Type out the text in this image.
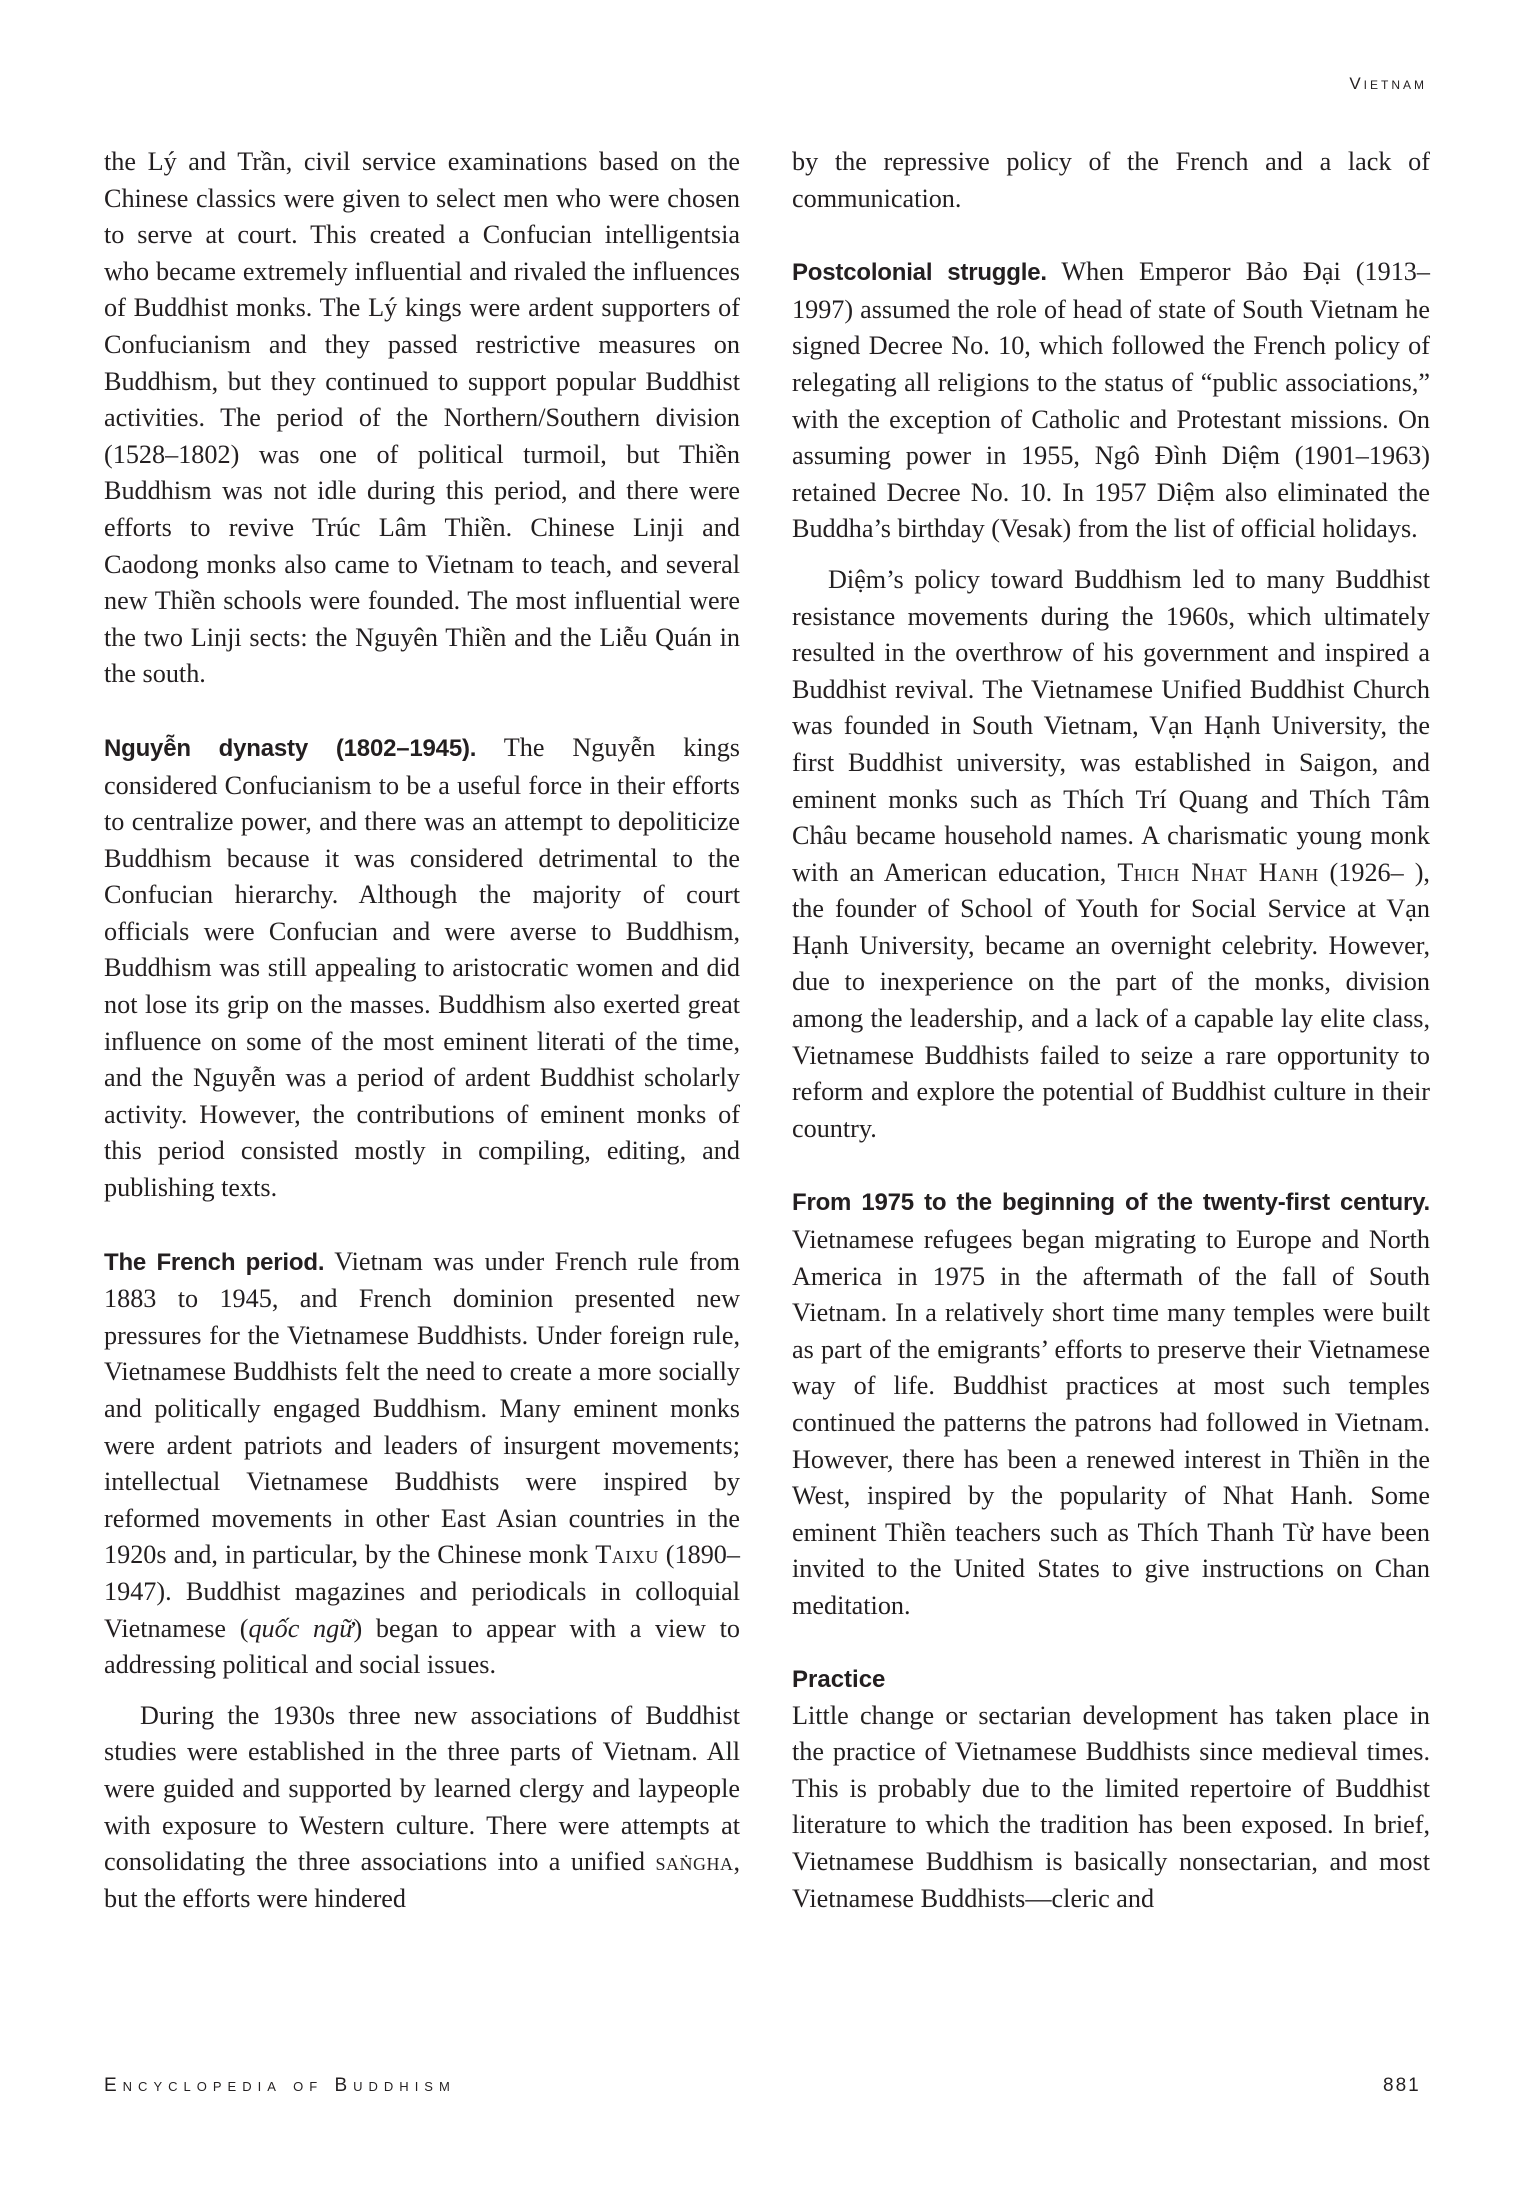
Vietnam

the Lý and Trần, civil service examinations based on the Chinese classics were given to select men who were chosen to serve at court. This created a Confucian intelligentsia who became extremely influential and rivaled the influences of Buddhist monks. The Lý kings were ardent supporters of Confucianism and they passed restrictive measures on Buddhism, but they continued to support popular Buddhist activities. The period of the Northern/Southern division (1528–1802) was one of political turmoil, but Thiền Buddhism was not idle during this period, and there were efforts to revive Trúc Lâm Thiền. Chinese Linji and Caodong monks also came to Vietnam to teach, and several new Thiền schools were founded. The most influential were the two Linji sects: the Nguyên Thiền and the Liễu Quán in the south.

Nguyễn dynasty (1802–1945). The Nguyễn kings considered Confucianism to be a useful force in their efforts to centralize power, and there was an attempt to depoliticize Buddhism because it was considered detrimental to the Confucian hierarchy. Although the majority of court officials were Confucian and were averse to Buddhism, Buddhism was still appealing to aristocratic women and did not lose its grip on the masses. Buddhism also exerted great influence on some of the most eminent literati of the time, and the Nguyễn was a period of ardent Buddhist scholarly activity. However, the contributions of eminent monks of this period consisted mostly in compiling, editing, and publishing texts.

The French period. Vietnam was under French rule from 1883 to 1945, and French dominion presented new pressures for the Vietnamese Buddhists. Under foreign rule, Vietnamese Buddhists felt the need to create a more socially and politically engaged Buddhism. Many eminent monks were ardent patriots and leaders of insurgent movements; intellectual Vietnamese Buddhists were inspired by reformed movements in other East Asian countries in the 1920s and, in particular, by the Chinese monk Taixu (1890–1947). Buddhist magazines and periodicals in colloquial Vietnamese (quốc ngữ) began to appear with a view to addressing political and social issues.

During the 1930s three new associations of Buddhist studies were established in the three parts of Vietnam. All were guided and supported by learned clergy and laypeople with exposure to Western culture. There were attempts at consolidating the three associations into a unified saṅgha, but the efforts were hindered

by the repressive policy of the French and a lack of communication.

Postcolonial struggle. When Emperor Bảo Đại (1913–1997) assumed the role of head of state of South Vietnam he signed Decree No. 10, which followed the French policy of relegating all religions to the status of “public associations,” with the exception of Catholic and Protestant missions. On assuming power in 1955, Ngô Đình Diệm (1901–1963) retained Decree No. 10. In 1957 Diệm also eliminated the Buddha’s birthday (Vesak) from the list of official holidays.

Diệm’s policy toward Buddhism led to many Buddhist resistance movements during the 1960s, which ultimately resulted in the overthrow of his government and inspired a Buddhist revival. The Vietnamese Unified Buddhist Church was founded in South Vietnam, Vạn Hạnh University, the first Buddhist university, was established in Saigon, and eminent monks such as Thích Trí Quang and Thích Tâm Châu became household names. A charismatic young monk with an American education, Thich Nhat Hanh (1926– ), the founder of School of Youth for Social Service at Vạn Hạnh University, became an overnight celebrity. However, due to inexperience on the part of the monks, division among the leadership, and a lack of a capable lay elite class, Vietnamese Buddhists failed to seize a rare opportunity to reform and explore the potential of Buddhist culture in their country.

From 1975 to the beginning of the twenty-first century. Vietnamese refugees began migrating to Europe and North America in 1975 in the aftermath of the fall of South Vietnam. In a relatively short time many temples were built as part of the emigrants’ efforts to preserve their Vietnamese way of life. Buddhist practices at most such temples continued the patterns the patrons had followed in Vietnam. However, there has been a renewed interest in Thiền in the West, inspired by the popularity of Nhat Hanh. Some eminent Thiền teachers such as Thích Thanh Từ have been invited to the United States to give instructions on Chan meditation.

Practice

Little change or sectarian development has taken place in the practice of Vietnamese Buddhists since medieval times. This is probably due to the limited repertoire of Buddhist literature to which the tradition has been exposed. In brief, Vietnamese Buddhism is basically nonsectarian, and most Vietnamese Buddhists—cleric and

Encyclopedia of Buddhism	881
